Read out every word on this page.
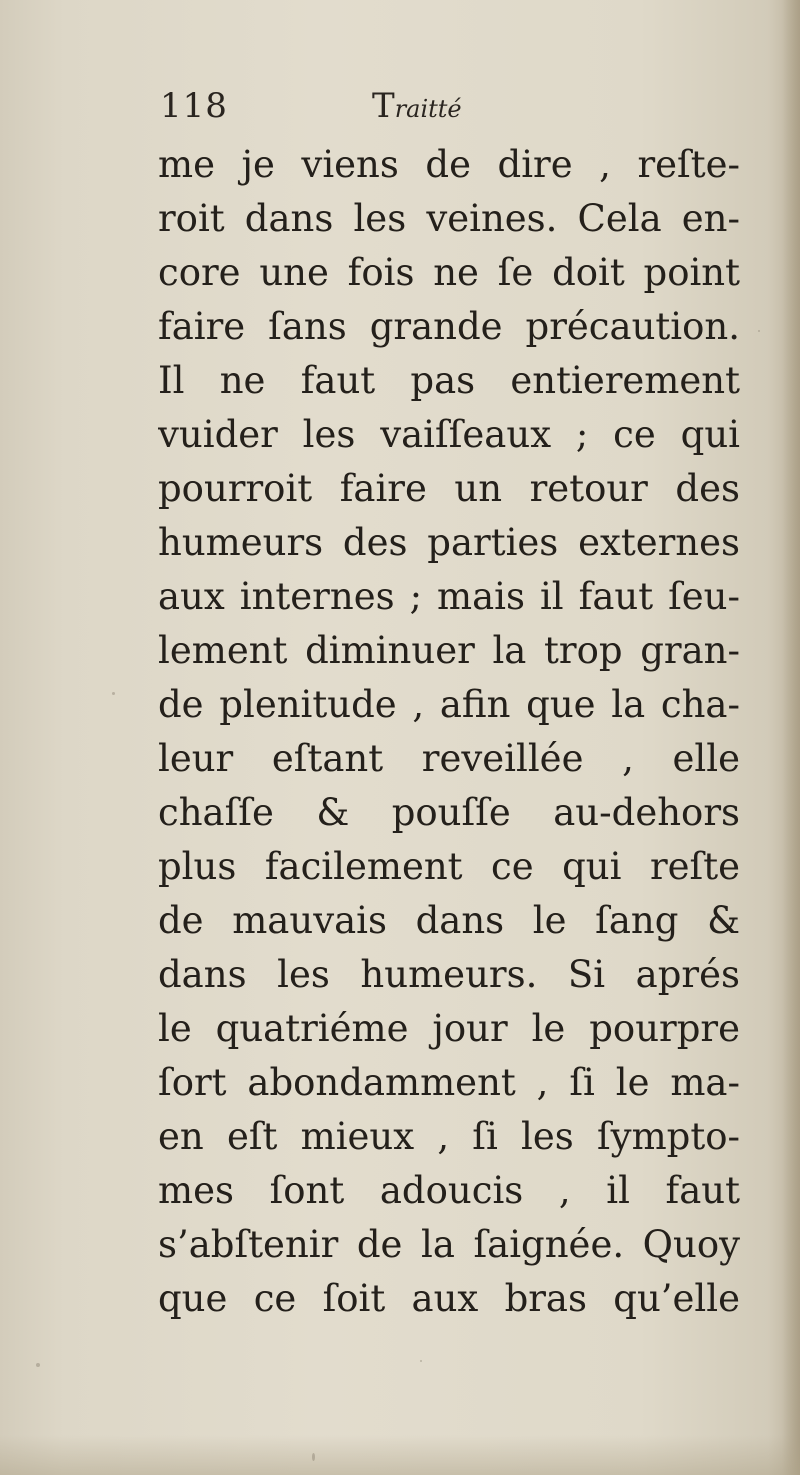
118	Traitté
me je viens de dire , reſte-
roit dans les veines. Cela en-
core une fois ne ſe doit point
faire ſans grande précaution.
Il ne faut pas entierement
vuider les vaiſſeaux ; ce qui
pourroit faire un retour des
humeurs des parties externes
aux internes ; mais il faut ſeu-
lement diminuer la trop gran-
de plenitude , afin que la cha-
leur eſtant reveillée , elle
chaſſe & pouſſe au-dehors
plus facilement ce qui reſte
de mauvais dans le ſang &
dans les humeurs. Si aprés
le quatriéme jour le pourpre
ſort abondamment , ſi le ma-
en eſt mieux , ſi les ſympto-
mes ſont adoucis , il faut
s’abſtenir de la ſaignée. Quoy
que ce ſoit aux bras qu’elle
